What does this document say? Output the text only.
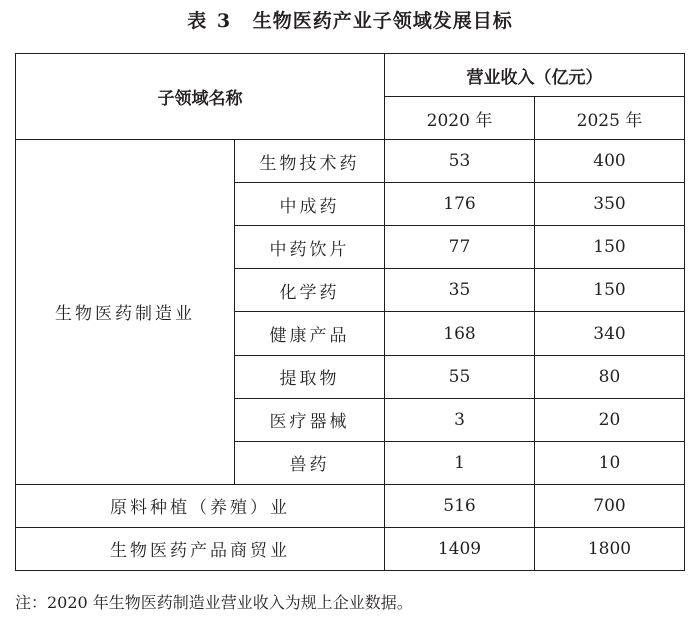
表 3 生物医药产业子领域发展目标
子领域名称		营业收入（亿元）	
		2020 年	2025 年
生物医药制造业	生物技术药	53	400
	中成药	176	350
	中药饮片	77	150
	化学药	35	150
	健康产品	168	340
	提取物	55	80
	医疗器械	3	20
	兽药	1	10
原料种植（养殖）业		516	700
生物医药产品商贸业		1409	1800
注：2020 年生物医药制造业营业收入为规上企业数据。
